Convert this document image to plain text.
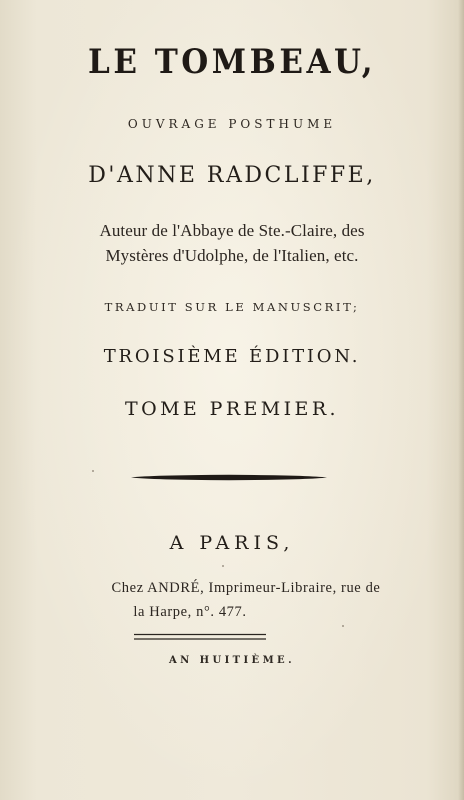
LE TOMBEAU,
OUVRAGE POSTHUME
D'ANNE RADCLIFFE,
Auteur de l'Abbaye de Ste.-Claire, des
Mystères d'Udolphe, de l'Italien, etc.
TRADUIT SUR LE MANUSCRIT;
TROISIÈME ÉDITION.
TOME PREMIER.
A PARIS,
Chez ANDRÉ, Imprimeur-Libraire, rue de
la Harpe, n°. 477.
AN HUITIÈME.
